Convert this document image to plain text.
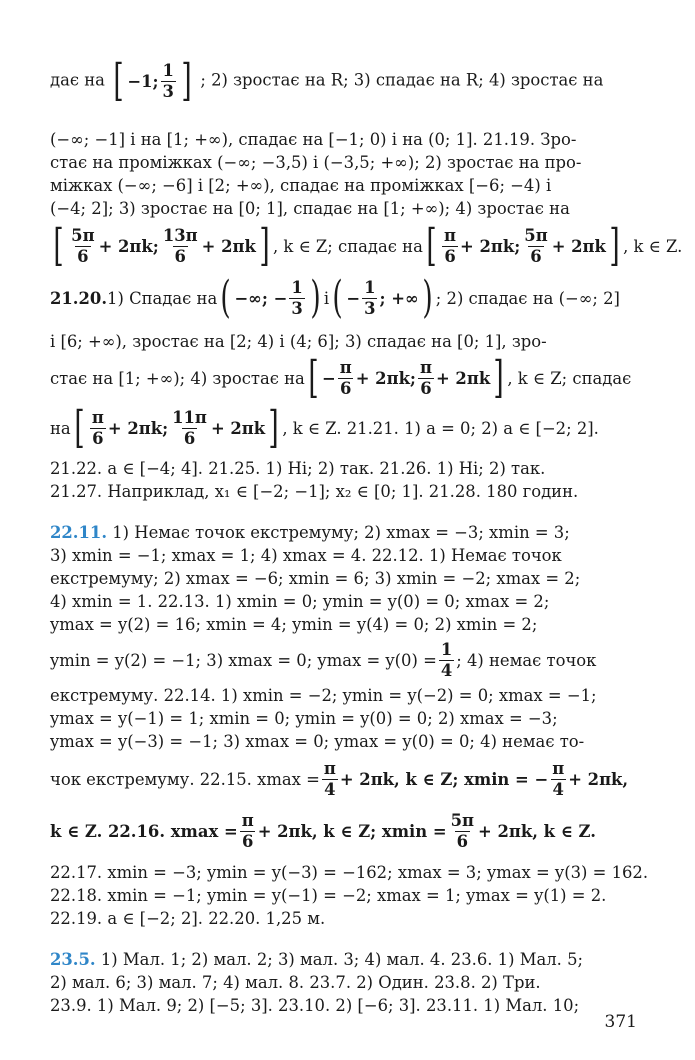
дає на [ −1; $\frac{1}{3}$ ] ; 2) зростає на R; 3) спадає на R; 4) зростає на
(−∞; −1] і на [1; +∞), спадає на [−1; 0) і на (0; 1]. 21.19. Зро-
стає на проміжках (−∞; −3,5) і (−3,5; +∞); 2) зростає на про-
міжках (−∞; −6] і [2; +∞), спадає на проміжках [−6; −4) і
(−4; 2]; 3) зростає на [0; 1], спадає на [1; +∞); 4) зростає на
[ $\frac{5\pi}{6} + 2\pi k$; $\frac{13\pi}{6} + 2\pi k$ ] , k ∈ Z; спадає на [ $\frac{\pi}{6} + 2\pi k$; $\frac{5\pi}{6} + 2\pi k$ ] , k ∈ Z.
21.20. 1) Спадає на ( −∞; − $\frac{1}{3}$ ) і ( − $\frac{1}{3}$ ; +∞ ) ; 2) спадає на (−∞; 2]
і [6; +∞), зростає на [2; 4) і (4; 6]; 3) спадає на [0; 1], зро-
стає на [1; +∞); 4) зростає на [ − $\frac{\pi}{6} + 2\pi k$; $\frac{\pi}{6} + 2\pi k$ ] , k ∈ Z; спадає
на [ $\frac{\pi}{6} + 2\pi k$; $\frac{11\pi}{6} + 2\pi k$ ] , k ∈ Z. 21.21. 1) a = 0; 2) a ∈ [−2; 2].
21.22. a ∈ [−4; 4]. 21.25. 1) Ні; 2) так. 21.26. 1) Ні; 2) так.
21.27. Наприклад, x₁ ∈ [−2; −1]; x₂ ∈ [0; 1]. 21.28. 180 годин.
22.11. 1) Немає точок екстремуму; 2) xmax = −3; xmin = 3;
3) xmin = −1; xmax = 1; 4) xmax = 4. 22.12. 1) Немає точок
екстремуму; 2) xmax = −6; xmin = 6; 3) xmin = −2; xmax = 2;
4) xmin = 1. 22.13. 1) xmin = 0; ymin = y(0) = 0; xmax = 2;
ymax = y(2) = 16; xmin = 4; ymin = y(4) = 0; 2) xmin = 2;
ymin = y(2) = −1; 3) xmax = 0; $ymax = y(0) = \frac{1}{4}$ ; 4) немає точок
екстремуму. 22.14. 1) xmin = −2; ymin = y(−2) = 0; xmax = −1;
ymax = y(−1) = 1; xmin = 0; ymin = y(0) = 0; 2) xmax = −3;
ymax = y(−3) = −1; 3) xmax = 0; ymax = y(0) = 0; 4) немає то-
чок екстремуму. 22.15. $xmax = \frac{\pi}{4} + 2\pi k$, k ∈ Z; xmin = − $\frac{\pi}{4} + 2\pi k$,
k ∈ Z. 22.16. $xmax = \frac{\pi}{6} + 2\pi k$, k ∈ Z; $xmin = \frac{5\pi}{6} + 2\pi k$, k ∈ Z.
22.17. xmin = −3; ymin = y(−3) = −162; xmax = 3; ymax = y(3) = 162.
22.18. xmin = −1; ymin = y(−1) = −2; xmax = 1; ymax = y(1) = 2.
22.19. a ∈ [−2; 2]. 22.20. 1,25 м.
23.5. 1) Мал. 1; 2) мал. 2; 3) мал. 3; 4) мал. 4. 23.6. 1) Мал. 5;
2) мал. 6; 3) мал. 7; 4) мал. 8. 23.7. 2) Один. 23.8. 2) Три.
23.9. 1) Мал. 9; 2) [−5; 3]. 23.10. 2) [−6; 3]. 23.11. 1) Мал. 10;
371
